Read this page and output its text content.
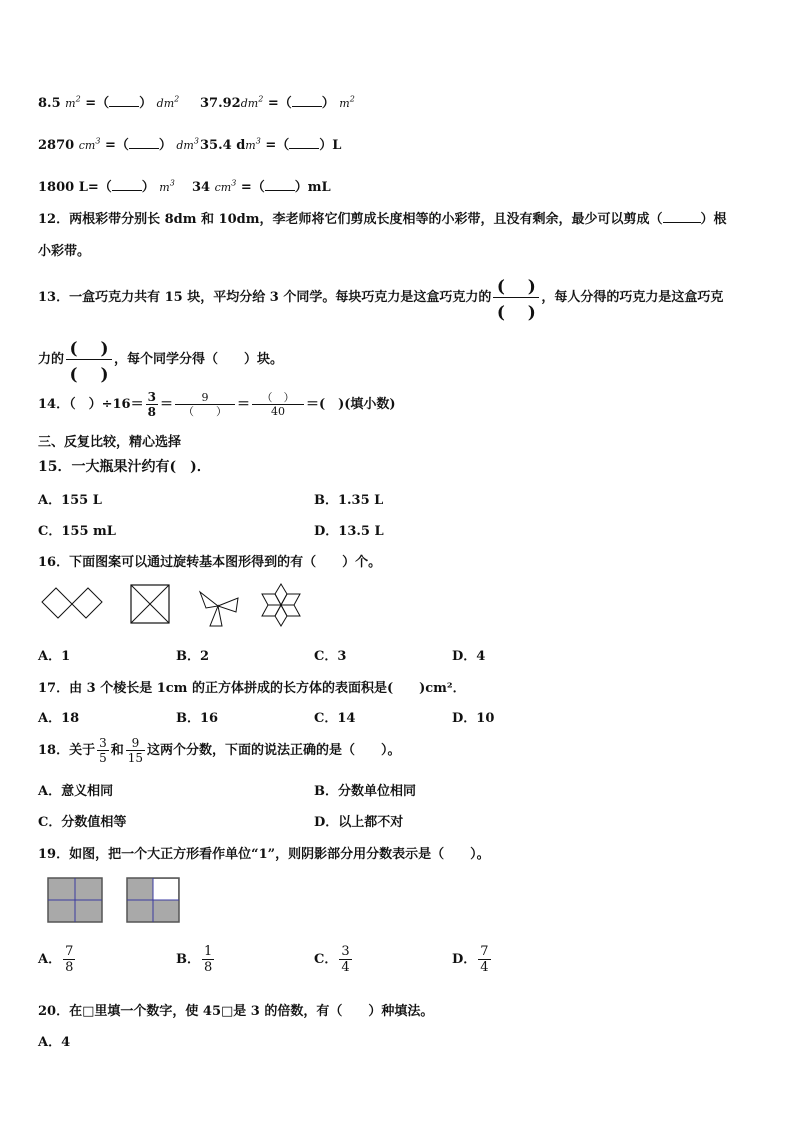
8.5 $m^2$ =（ ） $dm^2$ $37.92dm^2$ =（ ） $m^2$
2870 $cm^3$ =（ ） $dm^3$ 35.4 $dm^3$ =（ ）L
1800 L=（ ） $m^3$ 34 $cm^3$ =（ ）mL
12．两根彩带分别长 8dm 和 10dm，李老师将它们剪成长度相等的小彩带，且没有剩余，最少可以剪成（	）根
小彩带。
13．一盒巧克力共有 15 块，平均分给 3 个同学。每块巧克力是这盒巧克力的 $\frac{( )}{( )}$ ，每人分得的巧克力是这盒巧克
力的 $\frac{( )}{( )}$ ，每个同学分得（　　）块。
14．（　）$\div 16= \frac{3}{8} = \frac{9}{( )} = \frac{( )}{40}$ ＝(　)(填小数)
三、反复比较，精心选择
15．一大瓶果汁约有(　)．
A．155 L	B．1.35 L
C．155 mL	D．13.5 L
16．下面图案可以通过旋转基本图形得到的有（　　）个。
A．1	B．2	C．3	D．4
17．由 3 个棱长是 1cm 的正方体拼成的长方体的表面积是(　　)cm²．
A．18	B．16	C．14	D．10
18．关于 $\frac{3}{5}$ 和 $\frac{9}{15}$ 这两个分数，下面的说法正确的是（　　）。
A．意义相同	B．分数单位相同
C．分数值相等	D．以上都不对
19．如图，把一个大正方形看作单位“1”，则阴影部分用分数表示是（　　）。
A． $\frac{7}{8}$	B． $\frac{1}{8}$	C． $\frac{3}{4}$	D． $\frac{7}{4}$
20．在□里填一个数字，使 45□是 3 的倍数，有（　　）种填法。
A．4
